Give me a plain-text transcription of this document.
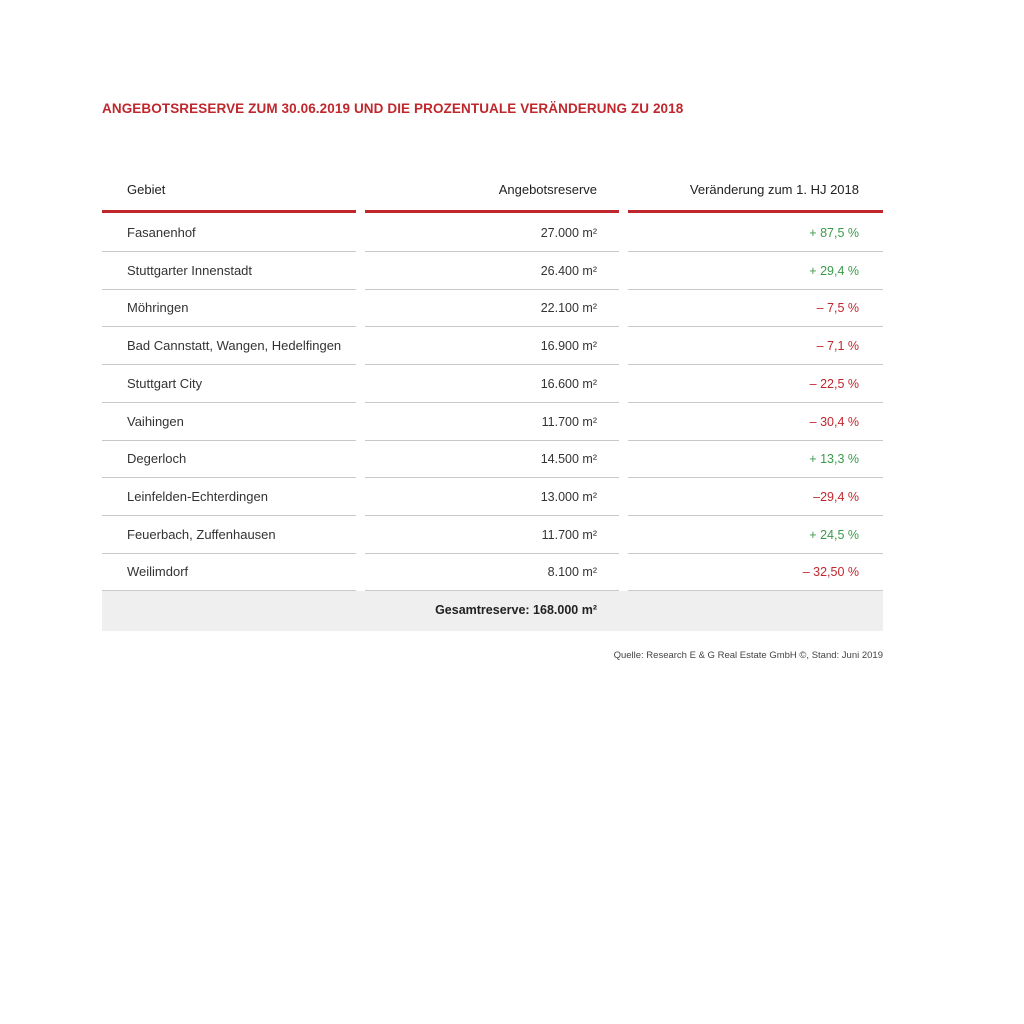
ANGEBOTSRESERVE ZUM 30.06.2019 UND DIE PROZENTUALE VERÄNDERUNG ZU 2018
Gebiet	Angebotsreserve	Veränderung zum 1. HJ 2018
Fasanenhof	27.000 m²	+ 87,5 %
Stuttgarter Innenstadt	26.400 m²	+ 29,4 %
Möhringen	22.100 m²	– 7,5 %
Bad Cannstatt, Wangen, Hedelfingen	16.900 m²	– 7,1 %
Stuttgart City	16.600 m²	– 22,5 %
Vaihingen	11.700 m²	– 30,4 %
Degerloch	14.500 m²	+ 13,3 %
Leinfelden-Echterdingen	13.000 m²	–29,4 %
Feuerbach, Zuffenhausen	11.700 m²	+ 24,5 %
Weilimdorf	8.100 m²	– 32,50 %
Gesamtreserve: 168.000 m²
Quelle: Research E & G Real Estate GmbH ©, Stand: Juni 2019
